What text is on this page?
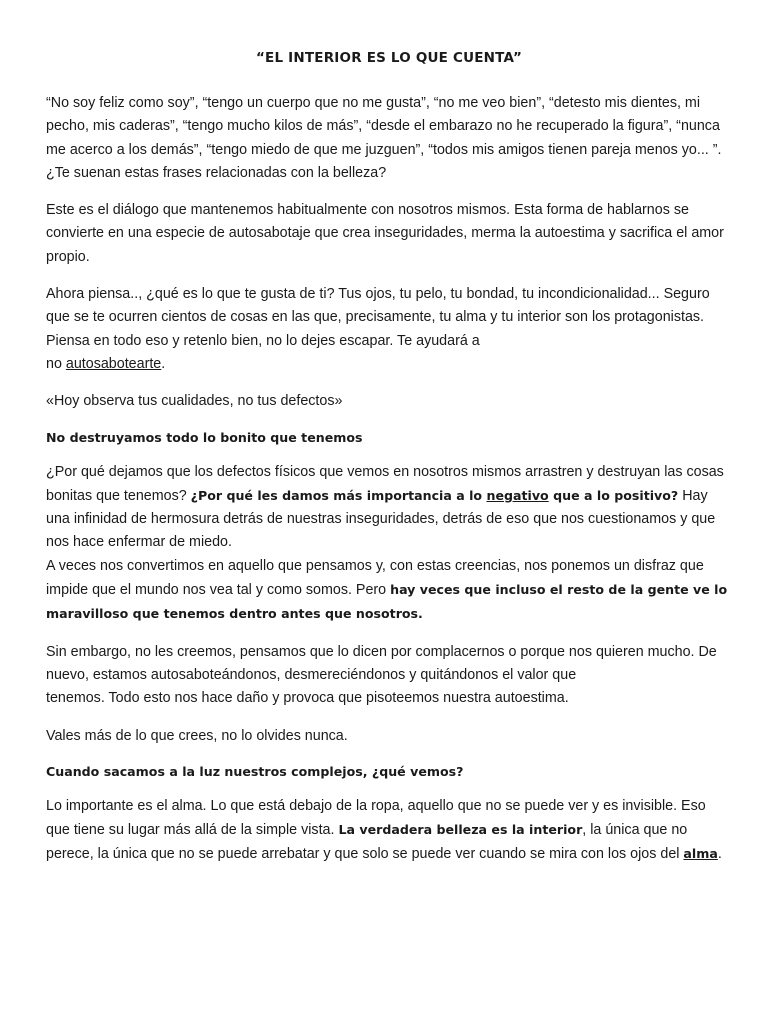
“EL INTERIOR ES LO QUE CUENTA”

“No soy feliz como soy”, “tengo un cuerpo que no me gusta”, “no me veo bien”, “detesto mis dientes, mi pecho, mis caderas”, “tengo mucho kilos de más”, “desde el embarazo no he recuperado la figura”, “nunca me acerco a los demás”, “tengo miedo de que me juzguen”, “todos mis amigos tienen pareja menos yo... ”. ¿Te suenan estas frases relacionadas con la belleza?

Este es el diálogo que mantenemos habitualmente con nosotros mismos. Esta forma de hablarnos se convierte en una especie de autosabotaje que crea inseguridades, merma la autoestima y sacrifica el amor propio.

Ahora piensa.., ¿qué es lo que te gusta de ti? Tus ojos, tu pelo, tu bondad, tu incondicionalidad... Seguro que se te ocurren cientos de cosas en las que, precisamente, tu alma y tu interior son los protagonistas. Piensa en todo eso y retenlo bien, no lo dejes escapar. Te ayudará a
no autosabotearte.

«Hoy observa tus cualidades, no tus defectos»

No destruyamos todo lo bonito que tenemos

¿Por qué dejamos que los defectos físicos que vemos en nosotros mismos arrastren y destruyan las cosas bonitas que tenemos? ¿Por qué les damos más importancia a lo negativo que a lo positivo? Hay una infinidad de hermosura detrás de nuestras inseguridades, detrás de eso que nos cuestionamos y que nos hace enfermar de miedo.
A veces nos convertimos en aquello que pensamos y, con estas creencias, nos ponemos un disfraz que impide que el mundo nos vea tal y como somos. Pero hay veces que incluso el resto de la gente ve lo maravilloso que tenemos dentro antes que nosotros.

Sin embargo, no les creemos, pensamos que lo dicen por complacernos o porque nos quieren mucho. De nuevo, estamos autosaboteándonos, desmereciéndonos y quitándonos el valor que
tenemos. Todo esto nos hace daño y provoca que pisoteemos nuestra autoestima.

Vales más de lo que crees, no lo olvides nunca.

Cuando sacamos a la luz nuestros complejos, ¿qué vemos?

Lo importante es el alma. Lo que está debajo de la ropa, aquello que no se puede ver y es invisible. Eso que tiene su lugar más allá de la simple vista. La verdadera belleza es la interior, la única que no perece, la única que no se puede arrebatar y que solo se puede ver cuando se mira con los ojos del alma.
